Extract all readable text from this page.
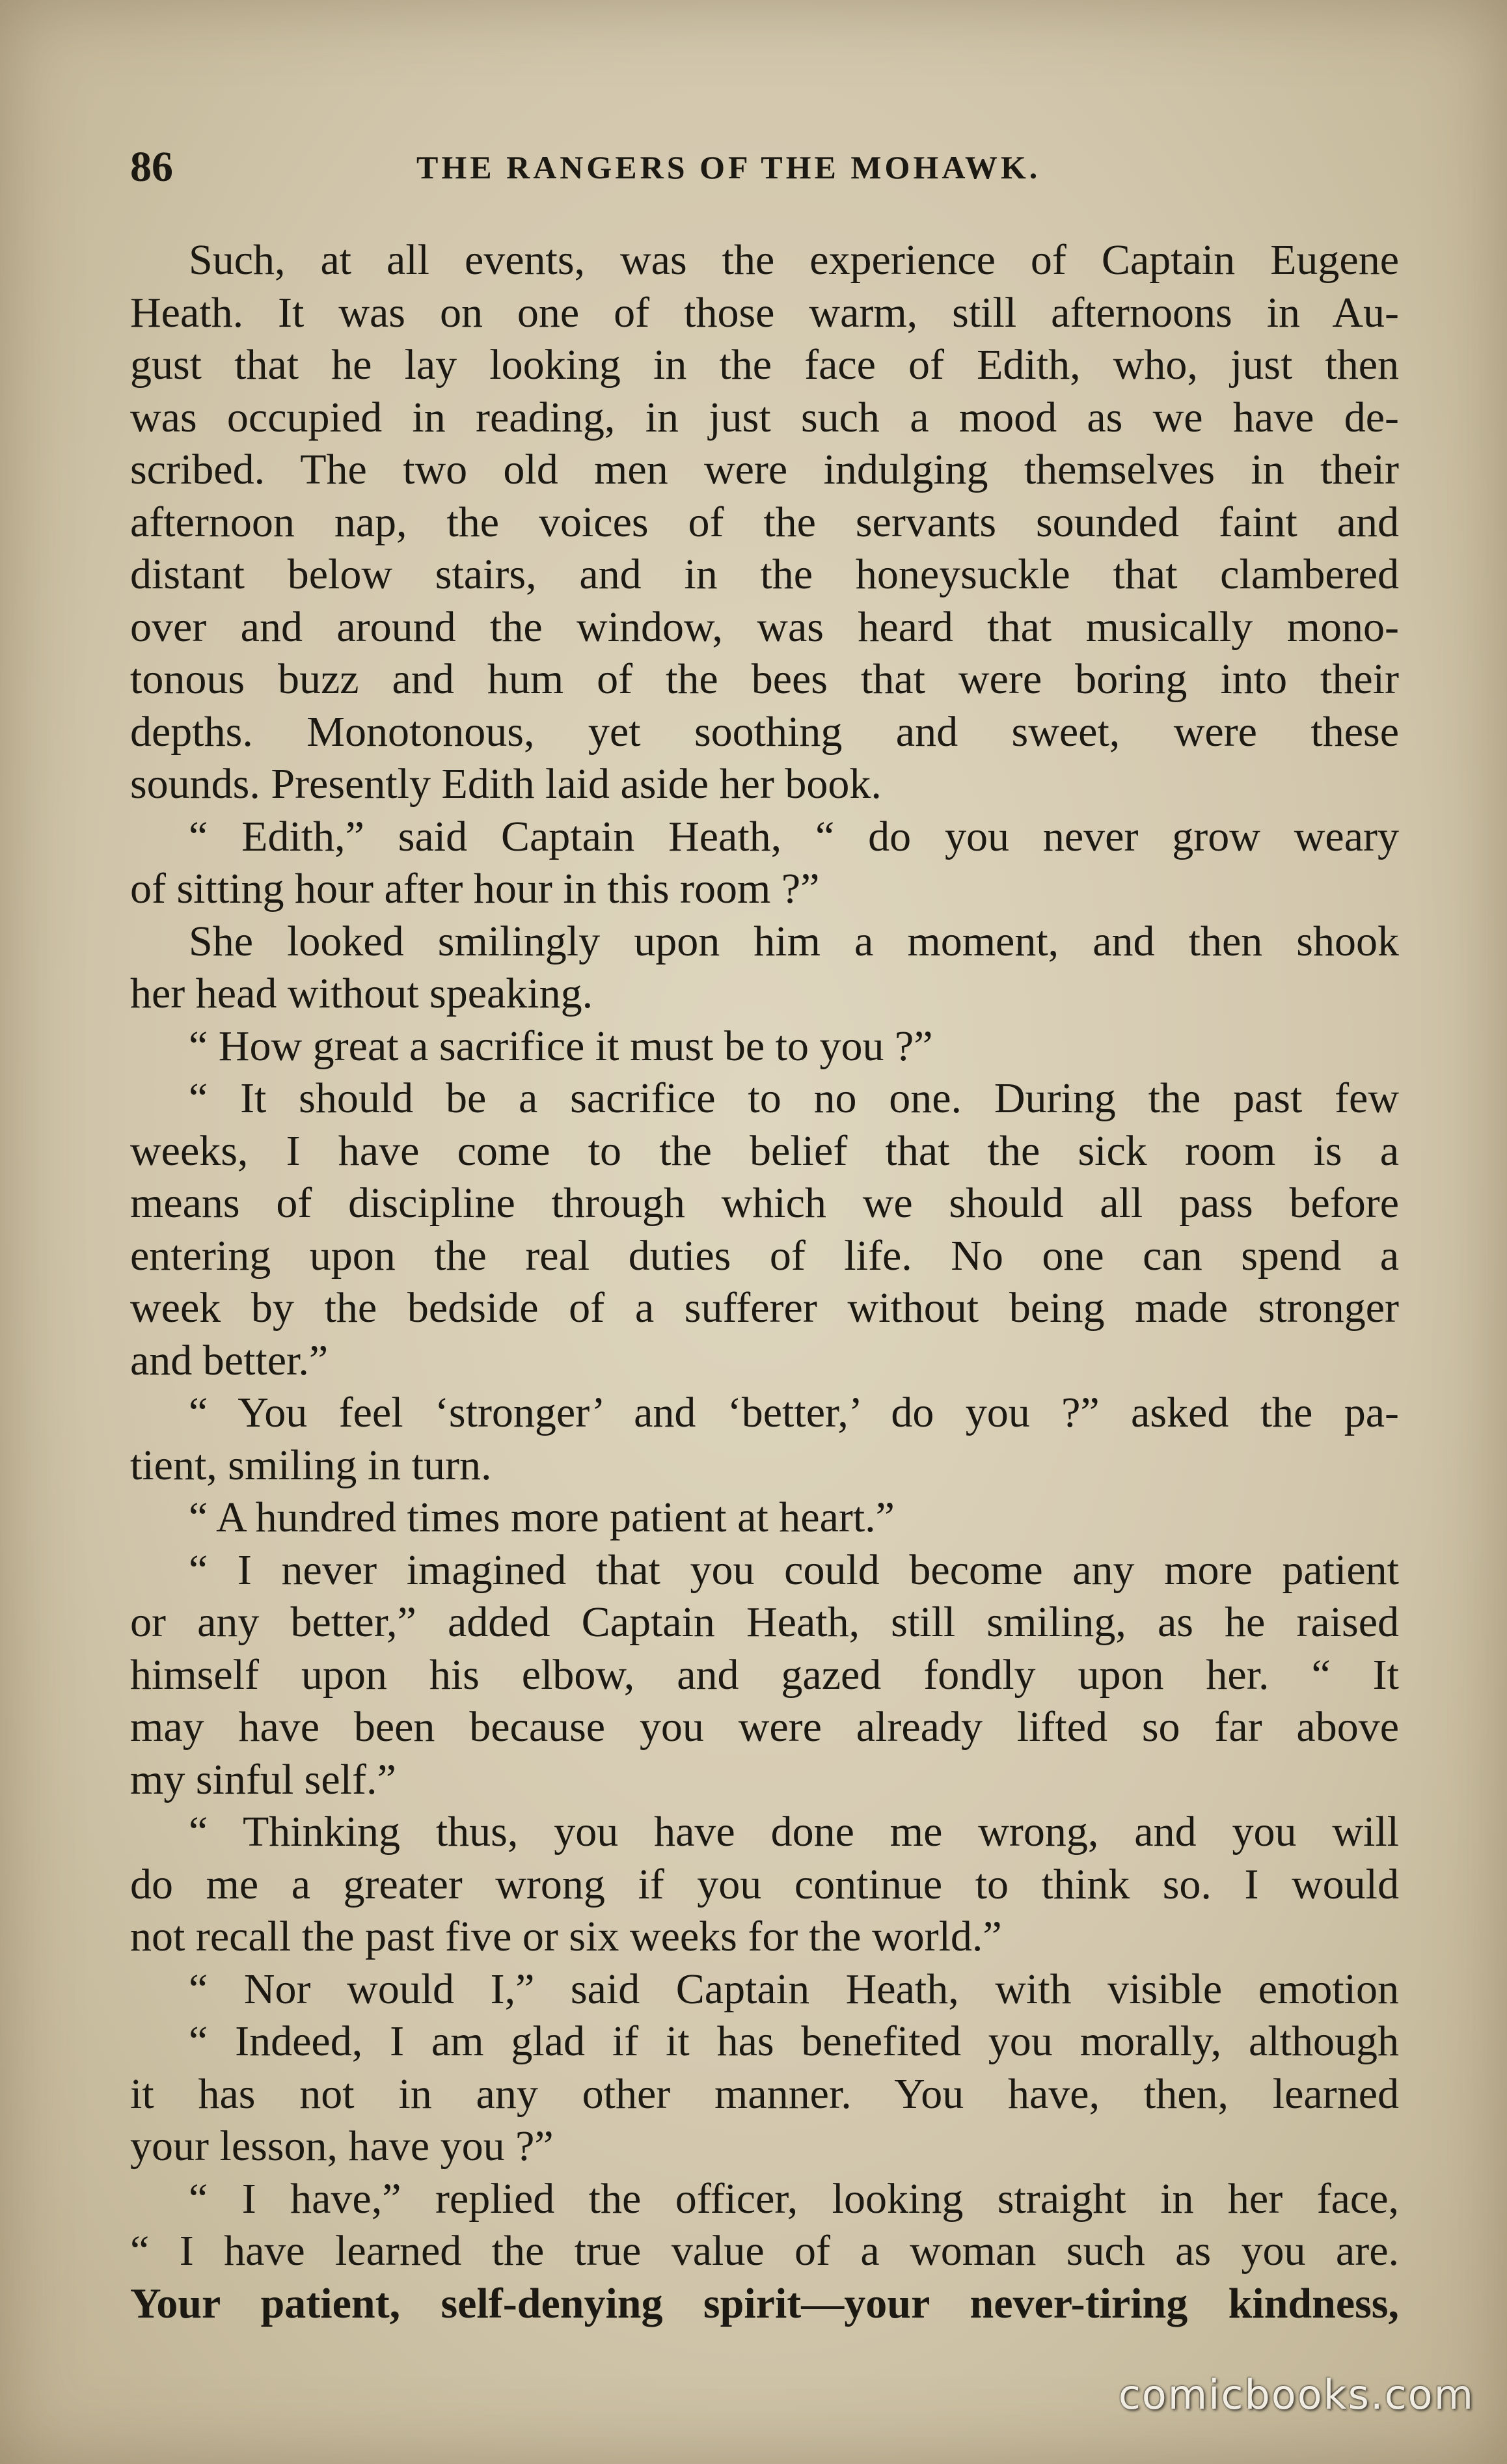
86	THE RANGERS OF THE MOHAWK.
Such, at all events, was the experience of Captain Eugene
Heath. It was on one of those warm, still afternoons in Au-
gust that he lay looking in the face of Edith, who, just then
was occupied in reading, in just such a mood as we have de-
scribed. The two old men were indulging themselves in their
afternoon nap, the voices of the servants sounded faint and
distant below stairs, and in the honeysuckle that clambered
over and around the window, was heard that musically mono-
tonous buzz and hum of the bees that were boring into their
depths. Monotonous, yet soothing and sweet, were these
sounds. Presently Edith laid aside her book.
“ Edith,” said Captain Heath, “ do you never grow weary
of sitting hour after hour in this room ?”
She looked smilingly upon him a moment, and then shook
her head without speaking.
“ How great a sacrifice it must be to you ?”
“ It should be a sacrifice to no one. During the past few
weeks, I have come to the belief that the sick room is a
means of discipline through which we should all pass before
entering upon the real duties of life. No one can spend a
week by the bedside of a sufferer without being made stronger
and better.”
“ You feel ‘stronger’ and ‘better,’ do you ?” asked the pa-
tient, smiling in turn.
“ A hundred times more patient at heart.”
“ I never imagined that you could become any more patient
or any better,” added Captain Heath, still smiling, as he raised
himself upon his elbow, and gazed fondly upon her. “ It
may have been because you were already lifted so far above
my sinful self.”
“ Thinking thus, you have done me wrong, and you will
do me a greater wrong if you continue to think so. I would
not recall the past five or six weeks for the world.”
“ Nor would I,” said Captain Heath, with visible emotion
“ Indeed, I am glad if it has benefited you morally, although
it has not in any other manner. You have, then, learned
your lesson, have you ?”
“ I have,” replied the officer, looking straight in her face,
“ I have learned the true value of a woman such as you are.
Your patient, self-denying spirit—your never-tiring kindness,
comicbooks.com
